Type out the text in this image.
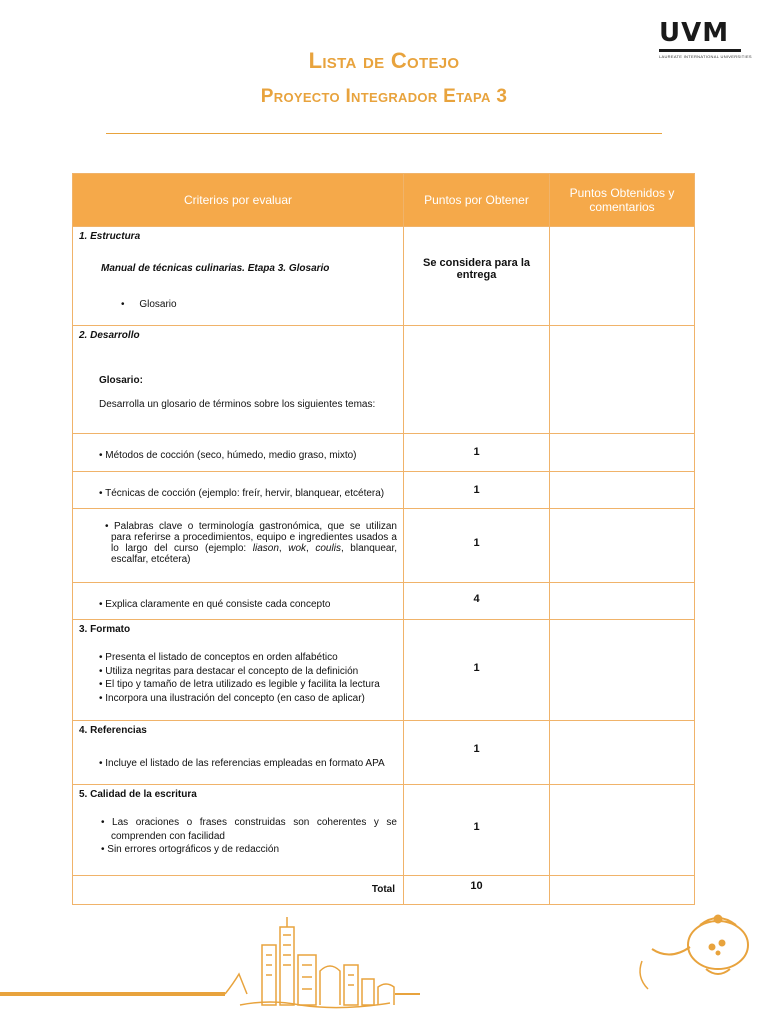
UVM
LAUREATE INTERNATIONAL UNIVERSITIES
Lista de Cotejo
Proyecto Integrador Etapa 3
Criterios por evaluar	Puntos por Obtener	Puntos Obtenidos y comentarios

1. Estructura
Manual de técnicas culinarias. Etapa 3. Glosario
• Glosario	Se considera para la entrega	

2. Desarrollo
Glosario:
Desarrolla un glosario de términos sobre los siguientes temas:		

• Métodos de cocción (seco, húmedo, medio graso, mixto)	1	

• Técnicas de cocción (ejemplo: freír, hervir, blanquear, etcétera)	1	

• Palabras clave o terminología gastronómica, que se utilizan para referirse a procedimientos, equipo e ingredientes usados a lo largo del curso (ejemplo: liason, wok, coulis, blanquear, escalfar, etcétera)	1	

• Explica claramente en qué consiste cada concepto	4	

3. Formato
• Presenta el listado de conceptos en orden alfabético
• Utiliza negritas para destacar el concepto de la definición
• El tipo y tamaño de letra utilizado es legible y facilita la lectura
• Incorpora una ilustración del concepto (en caso de aplicar)	1	

4. Referencias
• Incluye el listado de las referencias empleadas en formato APA	1	

5. Calidad de la escritura
• Las oraciones o frases construidas son coherentes y se comprenden con facilidad
• Sin errores ortográficos y de redacción	1	

Total	10	
